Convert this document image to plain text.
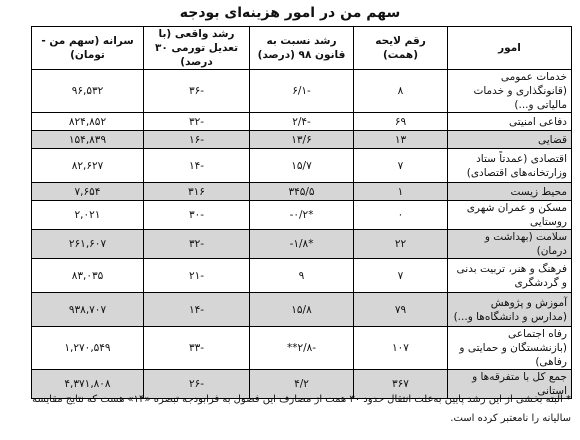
سهم من در امور هزینه‌ای بودجه
امور	رقم لایحه (همت)	رشد نسبت به قانون ۹۸ (درصد)	رشد واقعی (با تعدیل تورمی ۳۰ درصد)	سرانه (سهم من - تومان)
خدمات عمومی (قانونگذاری و خدمات مالیاتی و...)	۸	-۶/۱	-۳۶	۹۶,۵۳۲
دفاعی امنیتی	۶۹	-۲/۴	-۳۲	۸۲۴,۸۵۲
قضایی	۱۳	۱۳/۶	-۱۶	۱۵۴,۸۳۹
اقتصادی (عمدتاً ستاد وزارتخانه‌های اقتصادی)	۷	۱۵/۷	-۱۴	۸۲,۶۲۷
محیط زیست	۱	۳۴۵/۵	۳۱۶	۷,۶۵۴
مسکن و عمران شهری روستایی	۰	*۰/۲-	-۳۰	۲,۰۲۱
سلامت (بهداشت و درمان)	۲۲	*۱/۸-	-۳۲	۲۶۱,۶۰۷
فرهنگ و هنر، تربیت بدنی و گردشگری	۷	۹	-۲۱	۸۳,۰۳۵
آموزش و پژوهش (مدارس و دانشگاه‌ها و...)	۷۹	۱۵/۸	-۱۴	۹۳۸,۷۰۷
رفاه اجتماعی (بازنشستگان و حمایتی و رفاهی)	۱۰۷	-۲/۸**	-۳۳	۱,۲۷۰,۵۴۹
جمع کل با متفرقه‌ها و استانی	۳۶۷	۴/۲	-۲۶	۴,۳۷۱,۸۰۸
* البته بخشی از این رشد پایین به‌علت انتقال حدود ۳۰ همت از مصارف این فصول به فرابودجه تبصره «۱۴» هست که نتایج مقایسه سالیانه را نامعتبر کرده است.
